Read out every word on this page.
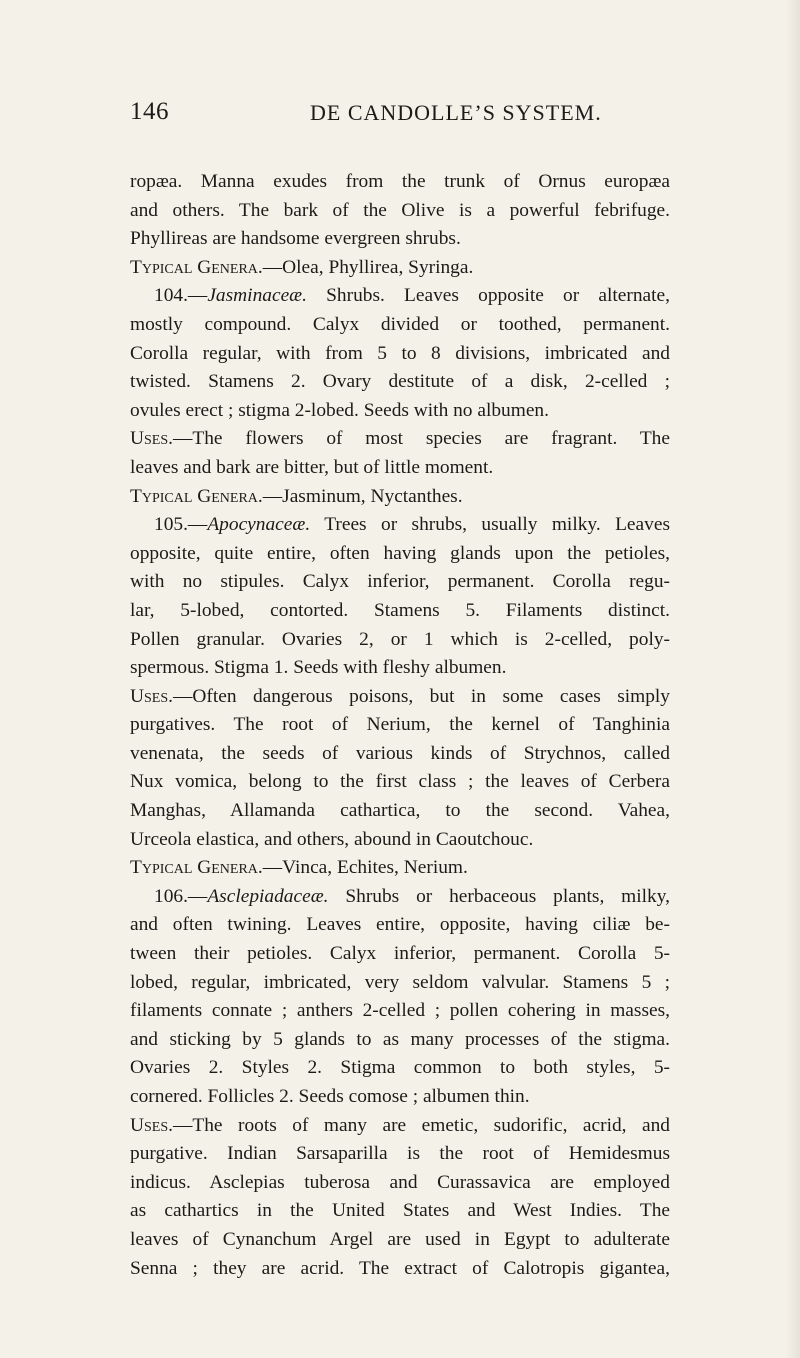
146	DE CANDOLLE’S SYSTEM.
ropæa. Manna exudes from the trunk of Ornus europæa
and others. The bark of the Olive is a powerful febrifuge.
Phyllireas are handsome evergreen shrubs.
Typical Genera.—Olea, Phyllirea, Syringa.
104.—Jasminaceæ. Shrubs. Leaves opposite or alternate,
mostly compound. Calyx divided or toothed, permanent.
Corolla regular, with from 5 to 8 divisions, imbricated and
twisted. Stamens 2. Ovary destitute of a disk, 2-celled ;
ovules erect ; stigma 2-lobed. Seeds with no albumen.
Uses.—The flowers of most species are fragrant. The
leaves and bark are bitter, but of little moment.
Typical Genera.—Jasminum, Nyctanthes.
105.—Apocynaceæ. Trees or shrubs, usually milky. Leaves
opposite, quite entire, often having glands upon the petioles,
with no stipules. Calyx inferior, permanent. Corolla regu-
lar, 5-lobed, contorted. Stamens 5. Filaments distinct.
Pollen granular. Ovaries 2, or 1 which is 2-celled, poly-
spermous. Stigma 1. Seeds with fleshy albumen.
Uses.—Often dangerous poisons, but in some cases simply
purgatives. The root of Nerium, the kernel of Tanghinia
venenata, the seeds of various kinds of Strychnos, called
Nux vomica, belong to the first class ; the leaves of Cerbera
Manghas, Allamanda cathartica, to the second. Vahea,
Urceola elastica, and others, abound in Caoutchouc.
Typical Genera.—Vinca, Echites, Nerium.
106.—Asclepiadaceæ. Shrubs or herbaceous plants, milky,
and often twining. Leaves entire, opposite, having ciliæ be-
tween their petioles. Calyx inferior, permanent. Corolla 5-
lobed, regular, imbricated, very seldom valvular. Stamens 5 ;
filaments connate ; anthers 2-celled ; pollen cohering in masses,
and sticking by 5 glands to as many processes of the stigma.
Ovaries 2. Styles 2. Stigma common to both styles, 5-
cornered. Follicles 2. Seeds comose ; albumen thin.
Uses.—The roots of many are emetic, sudorific, acrid, and
purgative. Indian Sarsaparilla is the root of Hemidesmus
indicus. Asclepias tuberosa and Curassavica are employed
as cathartics in the United States and West Indies. The
leaves of Cynanchum Argel are used in Egypt to adulterate
Senna ; they are acrid. The extract of Calotropis gigantea,
